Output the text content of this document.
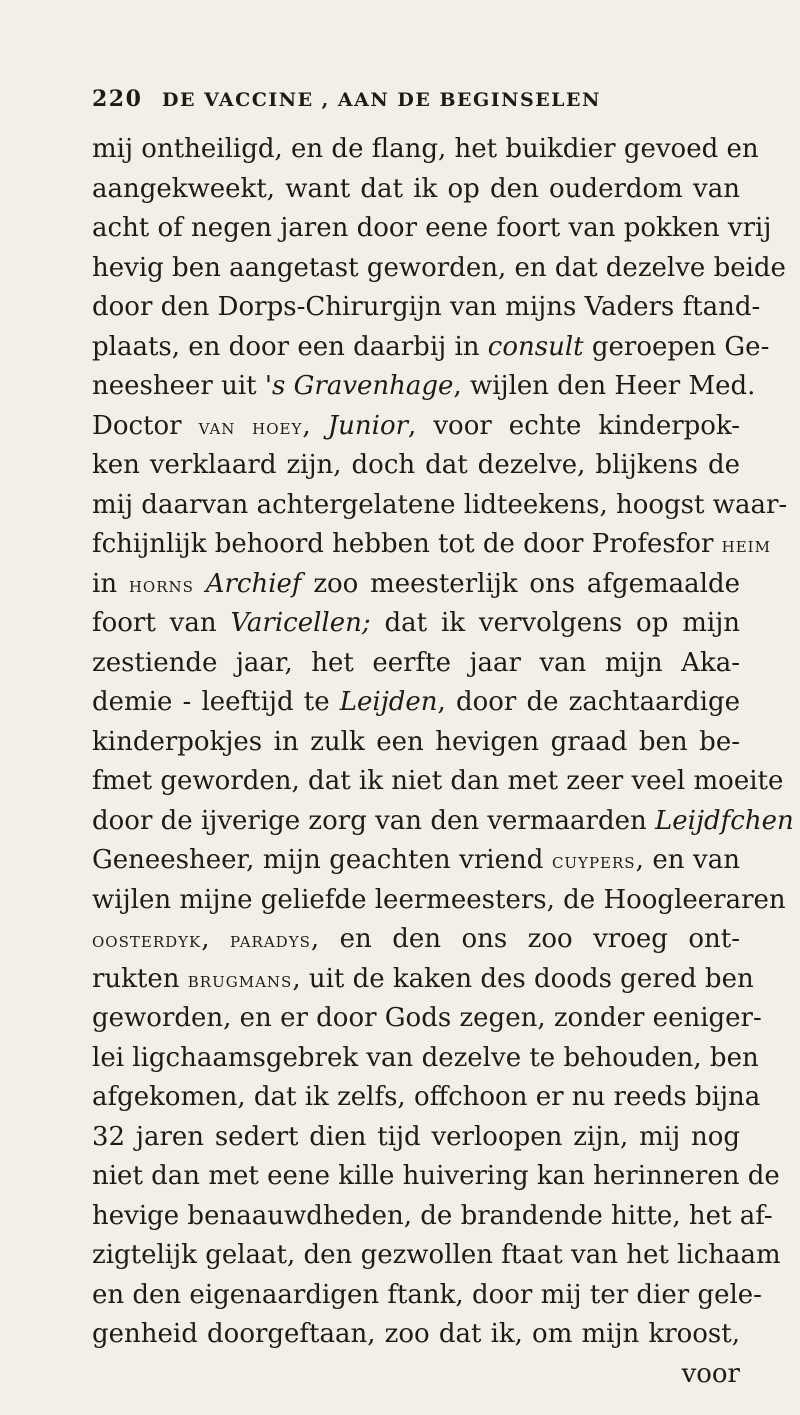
220	DE VACCINE , AAN DE BEGINSELEN
mij ontheiligd, en de flang, het buikdier gevoed en
aangekweekt, want dat ik op den ouderdom van
acht of negen jaren door eene foort van pokken vrij
hevig ben aangetast geworden, en dat dezelve beide
door den Dorps-Chirurgijn van mijns Vaders ftand-
plaats, en door een daarbij in consult geroepen Ge-
neesheer uit 's Gravenhage, wijlen den Heer Med.
Doctor van hoey, Junior, voor echte kinderpok-
ken verklaard zijn, doch dat dezelve, blijkens de
mij daarvan achtergelatene lidteekens, hoogst waar-
fchijnlijk behoord hebben tot de door Profesfor heim
in horns Archief zoo meesterlijk ons afgemaalde
foort van Varicellen; dat ik vervolgens op mijn
zestiende jaar, het eerfte jaar van mijn Aka-
demie - leeftijd te Leijden, door de zachtaardige
kinderpokjes in zulk een hevigen graad ben be-
fmet geworden, dat ik niet dan met zeer veel moeite
door de ijverige zorg van den vermaarden Leijdfchen
Geneesheer, mijn geachten vriend cuypers, en van
wijlen mijne geliefde leermeesters, de Hoogleeraren
oosterdyk, paradys, en den ons zoo vroeg ont-
rukten brugmans, uit de kaken des doods gered ben
geworden, en er door Gods zegen, zonder eeniger-
lei ligchaamsgebrek van dezelve te behouden, ben
afgekomen, dat ik zelfs, offchoon er nu reeds bijna
32 jaren sedert dien tijd verloopen zijn, mij nog
niet dan met eene kille huivering kan herinneren de
hevige benaauwdheden, de brandende hitte, het af-
zigtelijk gelaat, den gezwollen ftaat van het lichaam
en den eigenaardigen ftank, door mij ter dier gele-
genheid doorgeftaan, zoo dat ik, om mijn kroost,
voor
